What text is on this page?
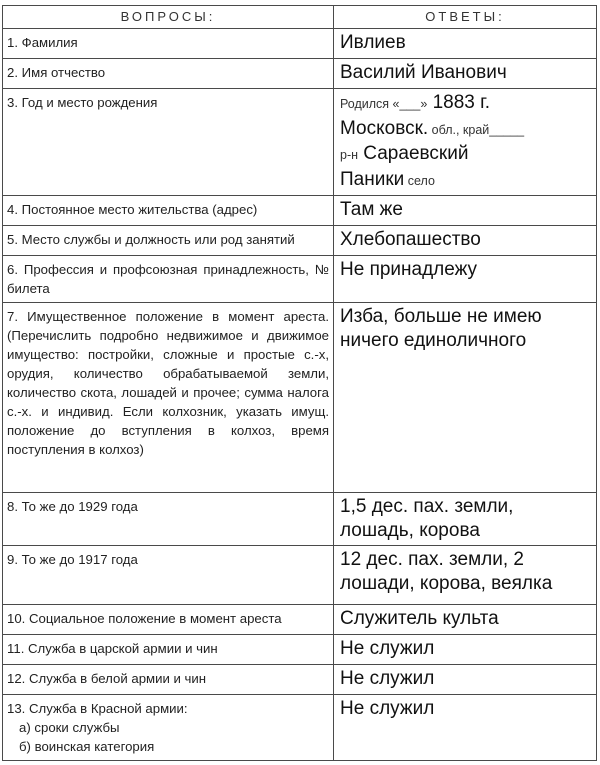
ВОПРОСЫ:	ОТВЕТЫ:
1. Фамилия	Ивлиев
2. Имя отчество	Василий Иванович
3. Год и место рождения	Родился «___» 1883 г.
Московск. обл., край_____
р-н Сараевский
Паники село
4. Постоянное место жительства (адрес)	Там же
5. Место службы и должность или род занятий	Хлебопашество
6. Профессия и профсоюзная принадлежность, № билета	Не принадлежу
7. Имущественное положение в момент ареста. (Перечислить подробно недвижимое и движимое имущество: постройки, сложные и простые с.-х, орудия, количество обрабатываемой земли, количество скота, лошадей и прочее; сумма налога с.-х. и индивид. Если колхозник, указать имущ. положение до вступления в колхоз, время поступления в колхоз)	Изба, больше не имею ничего единоличного
8. То же до 1929 года	1,5 дес. пах. земли, лошадь, корова
9. То же до 1917 года	12 дес. пах. земли, 2 лошади, корова, веялка
10. Социальное положение в момент ареста	Служитель культа
11. Служба в царской армии и чин	Не служил
12. Служба в белой армии и чин	Не служил
13. Служба в Красной армии:
а) сроки службы
б) воинская категория	Не служил
